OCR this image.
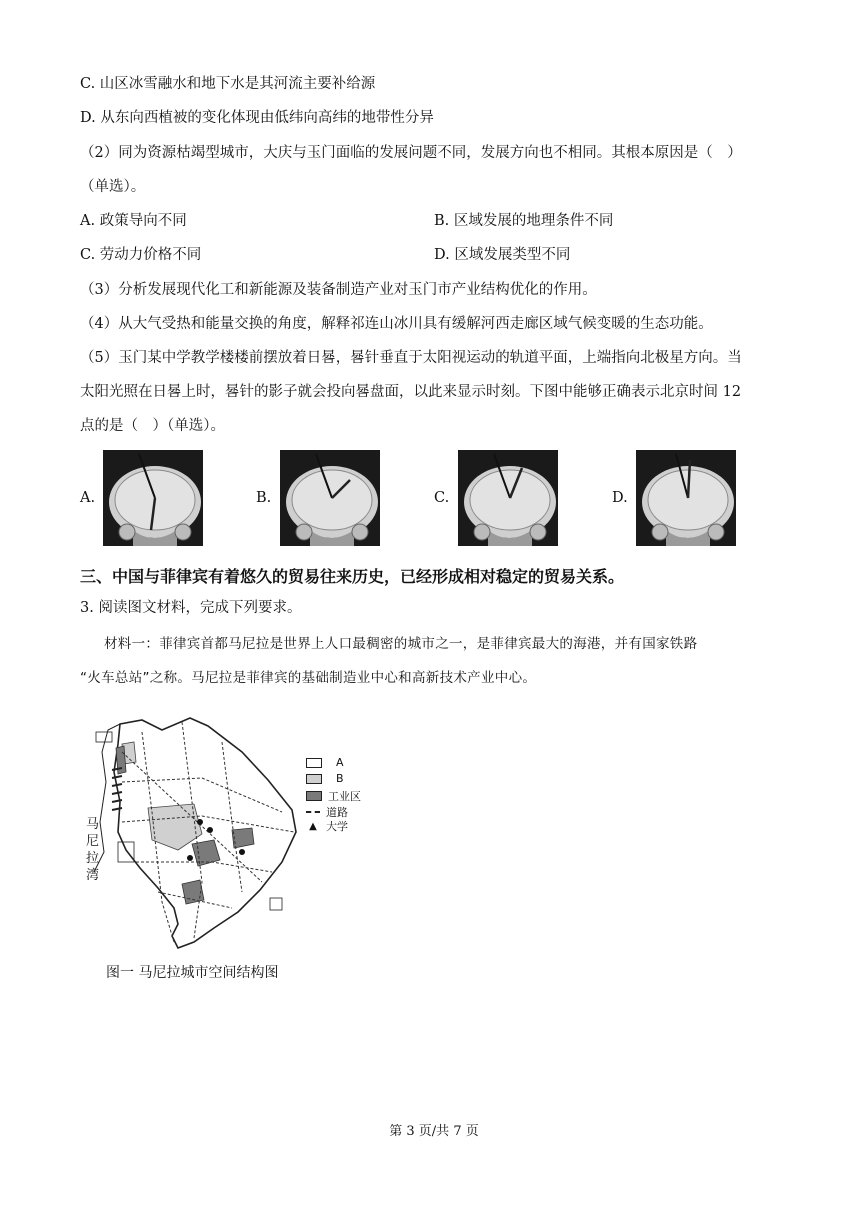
C. 山区冰雪融水和地下水是其河流主要补给源
D. 从东向西植被的变化体现由低纬向高纬的地带性分异
（2）同为资源枯竭型城市，大庆与玉门面临的发展问题不同，发展方向也不相同。其根本原因是（　）
（单选）。
A. 政策导向不同	B. 区域发展的地理条件不同
C. 劳动力价格不同	D. 区域发展类型不同
（3）分析发展现代化工和新能源及装备制造产业对玉门市产业结构优化的作用。
（4）从大气受热和能量交换的角度，解释祁连山冰川具有缓解河西走廊区域气候变暖的生态功能。
（5）玉门某中学教学楼楼前摆放着日晷，晷针垂直于太阳视运动的轨道平面，上端指向北极星方向。当
太阳光照在日晷上时，晷针的影子就会投向晷盘面，以此来显示时刻。下图中能够正确表示北京时间 12
点的是（　）（单选）。
A.	B.	C.	D.
三、中国与菲律宾有着悠久的贸易往来历史，已经形成相对稳定的贸易关系。
3. 阅读图文材料，完成下列要求。
材料一：菲律宾首都马尼拉是世界上人口最稠密的城市之一，是菲律宾最大的海港，并有国家铁路
“火车总站”之称。马尼拉是菲律宾的基础制造业中心和高新技术产业中心。
马尼拉湾
A
B
工业区
道路
▲ 大学
图一 马尼拉城市空间结构图
第 3 页/共 7 页
